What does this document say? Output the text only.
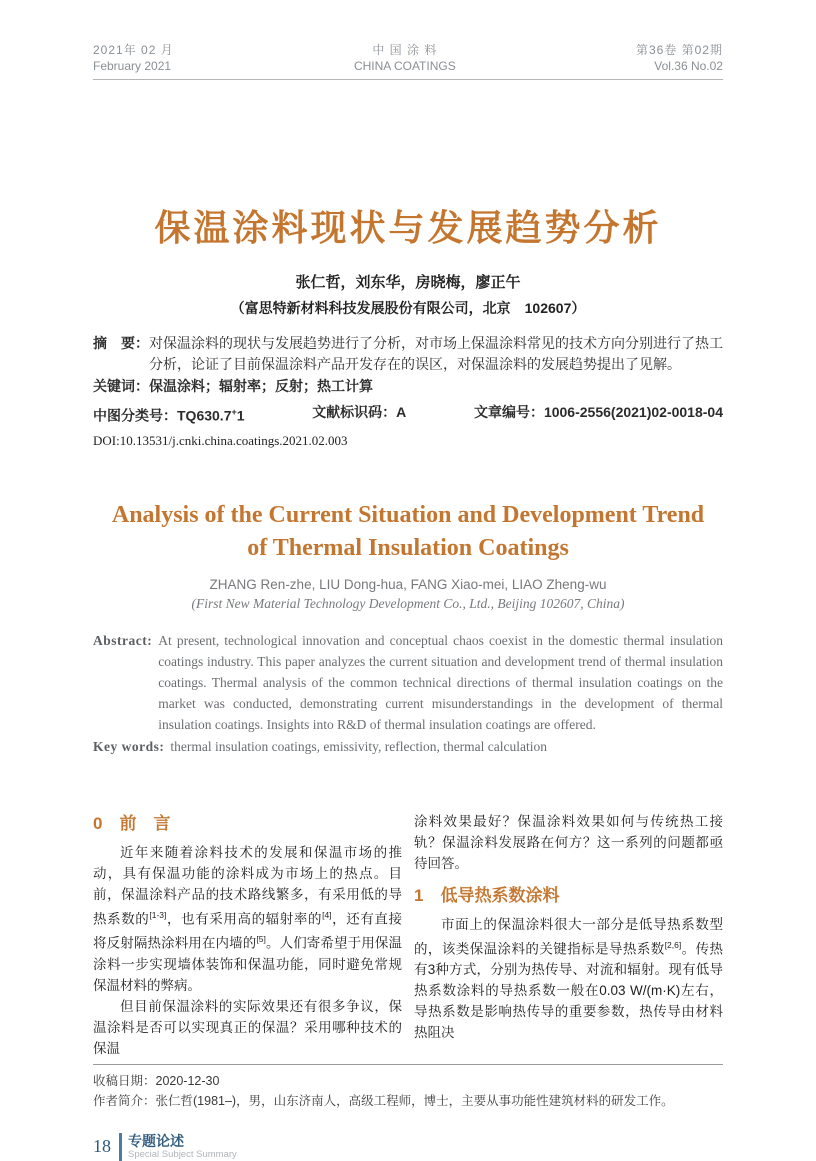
2021年 02 月
February 2021
中 国 涂 料
CHINA COATINGS
第36卷 第02期
Vol.36 No.02
保温涂料现状与发展趋势分析
张仁哲，刘东华，房晓梅，廖正午
（富思特新材料科技发展股份有限公司，北京　102607）
摘　要： 对保温涂料的现状与发展趋势进行了分析，对市场上保温涂料常见的技术方向分别进行了热工分析，论证了目前保温涂料产品开发存在的误区，对保温涂料的发展趋势提出了见解。
关键词： 保温涂料；辐射率；反射；热工计算
中图分类号：TQ630.7+1	文献标识码：A	文章编号：1006-2556(2021)02-0018-04
DOI:10.13531/j.cnki.china.coatings.2021.02.003
Analysis of the Current Situation and Development Trend
of Thermal Insulation Coatings
ZHANG Ren-zhe, LIU Dong-hua, FANG Xiao-mei, LIAO Zheng-wu
(First New Material Technology Development Co., Ltd., Beijing 102607, China)
Abstract: At present, technological innovation and conceptual chaos coexist in the domestic thermal insulation coatings industry. This paper analyzes the current situation and development trend of thermal insulation coatings. Thermal analysis of the common technical directions of thermal insulation coatings on the market was conducted, demonstrating current misunderstandings in the development of thermal insulation coatings. Insights into R&D of thermal insulation coatings are offered.
Key words: thermal insulation coatings, emissivity, reflection, thermal calculation
0　前　言

近年来随着涂料技术的发展和保温市场的推动，具有保温功能的涂料成为市场上的热点。目前，保温涂料产品的技术路线繁多，有采用低的导热系数的[1-3]，也有采用高的辐射率的[4]，还有直接将反射隔热涂料用在内墙的[5]。人们寄希望于用保温涂料一步实现墙体装饰和保温功能，同时避免常规保温材料的弊病。

但目前保温涂料的实际效果还有很多争议，保温涂料是否可以实现真正的保温？采用哪种技术的保温

涂料效果最好？保温涂料效果如何与传统热工接轨？保温涂料发展路在何方？这一系列的问题都亟待回答。

1　低导热系数涂料

市面上的保温涂料很大一部分是低导热系数型的，该类保温涂料的关键指标是导热系数[2,6]。传热有3种方式，分别为热传导、对流和辐射。现有低导热系数涂料的导热系数一般在0.03 W/(m·K)左右，导热系数是影响热传导的重要参数，热传导由材料热阻决

收稿日期：2020-12-30
作者简介：张仁哲(1981–)，男，山东济南人，高级工程师，博士，主要从事功能性建筑材料的研发工作。
18 专题论述
Special Subject Summary
